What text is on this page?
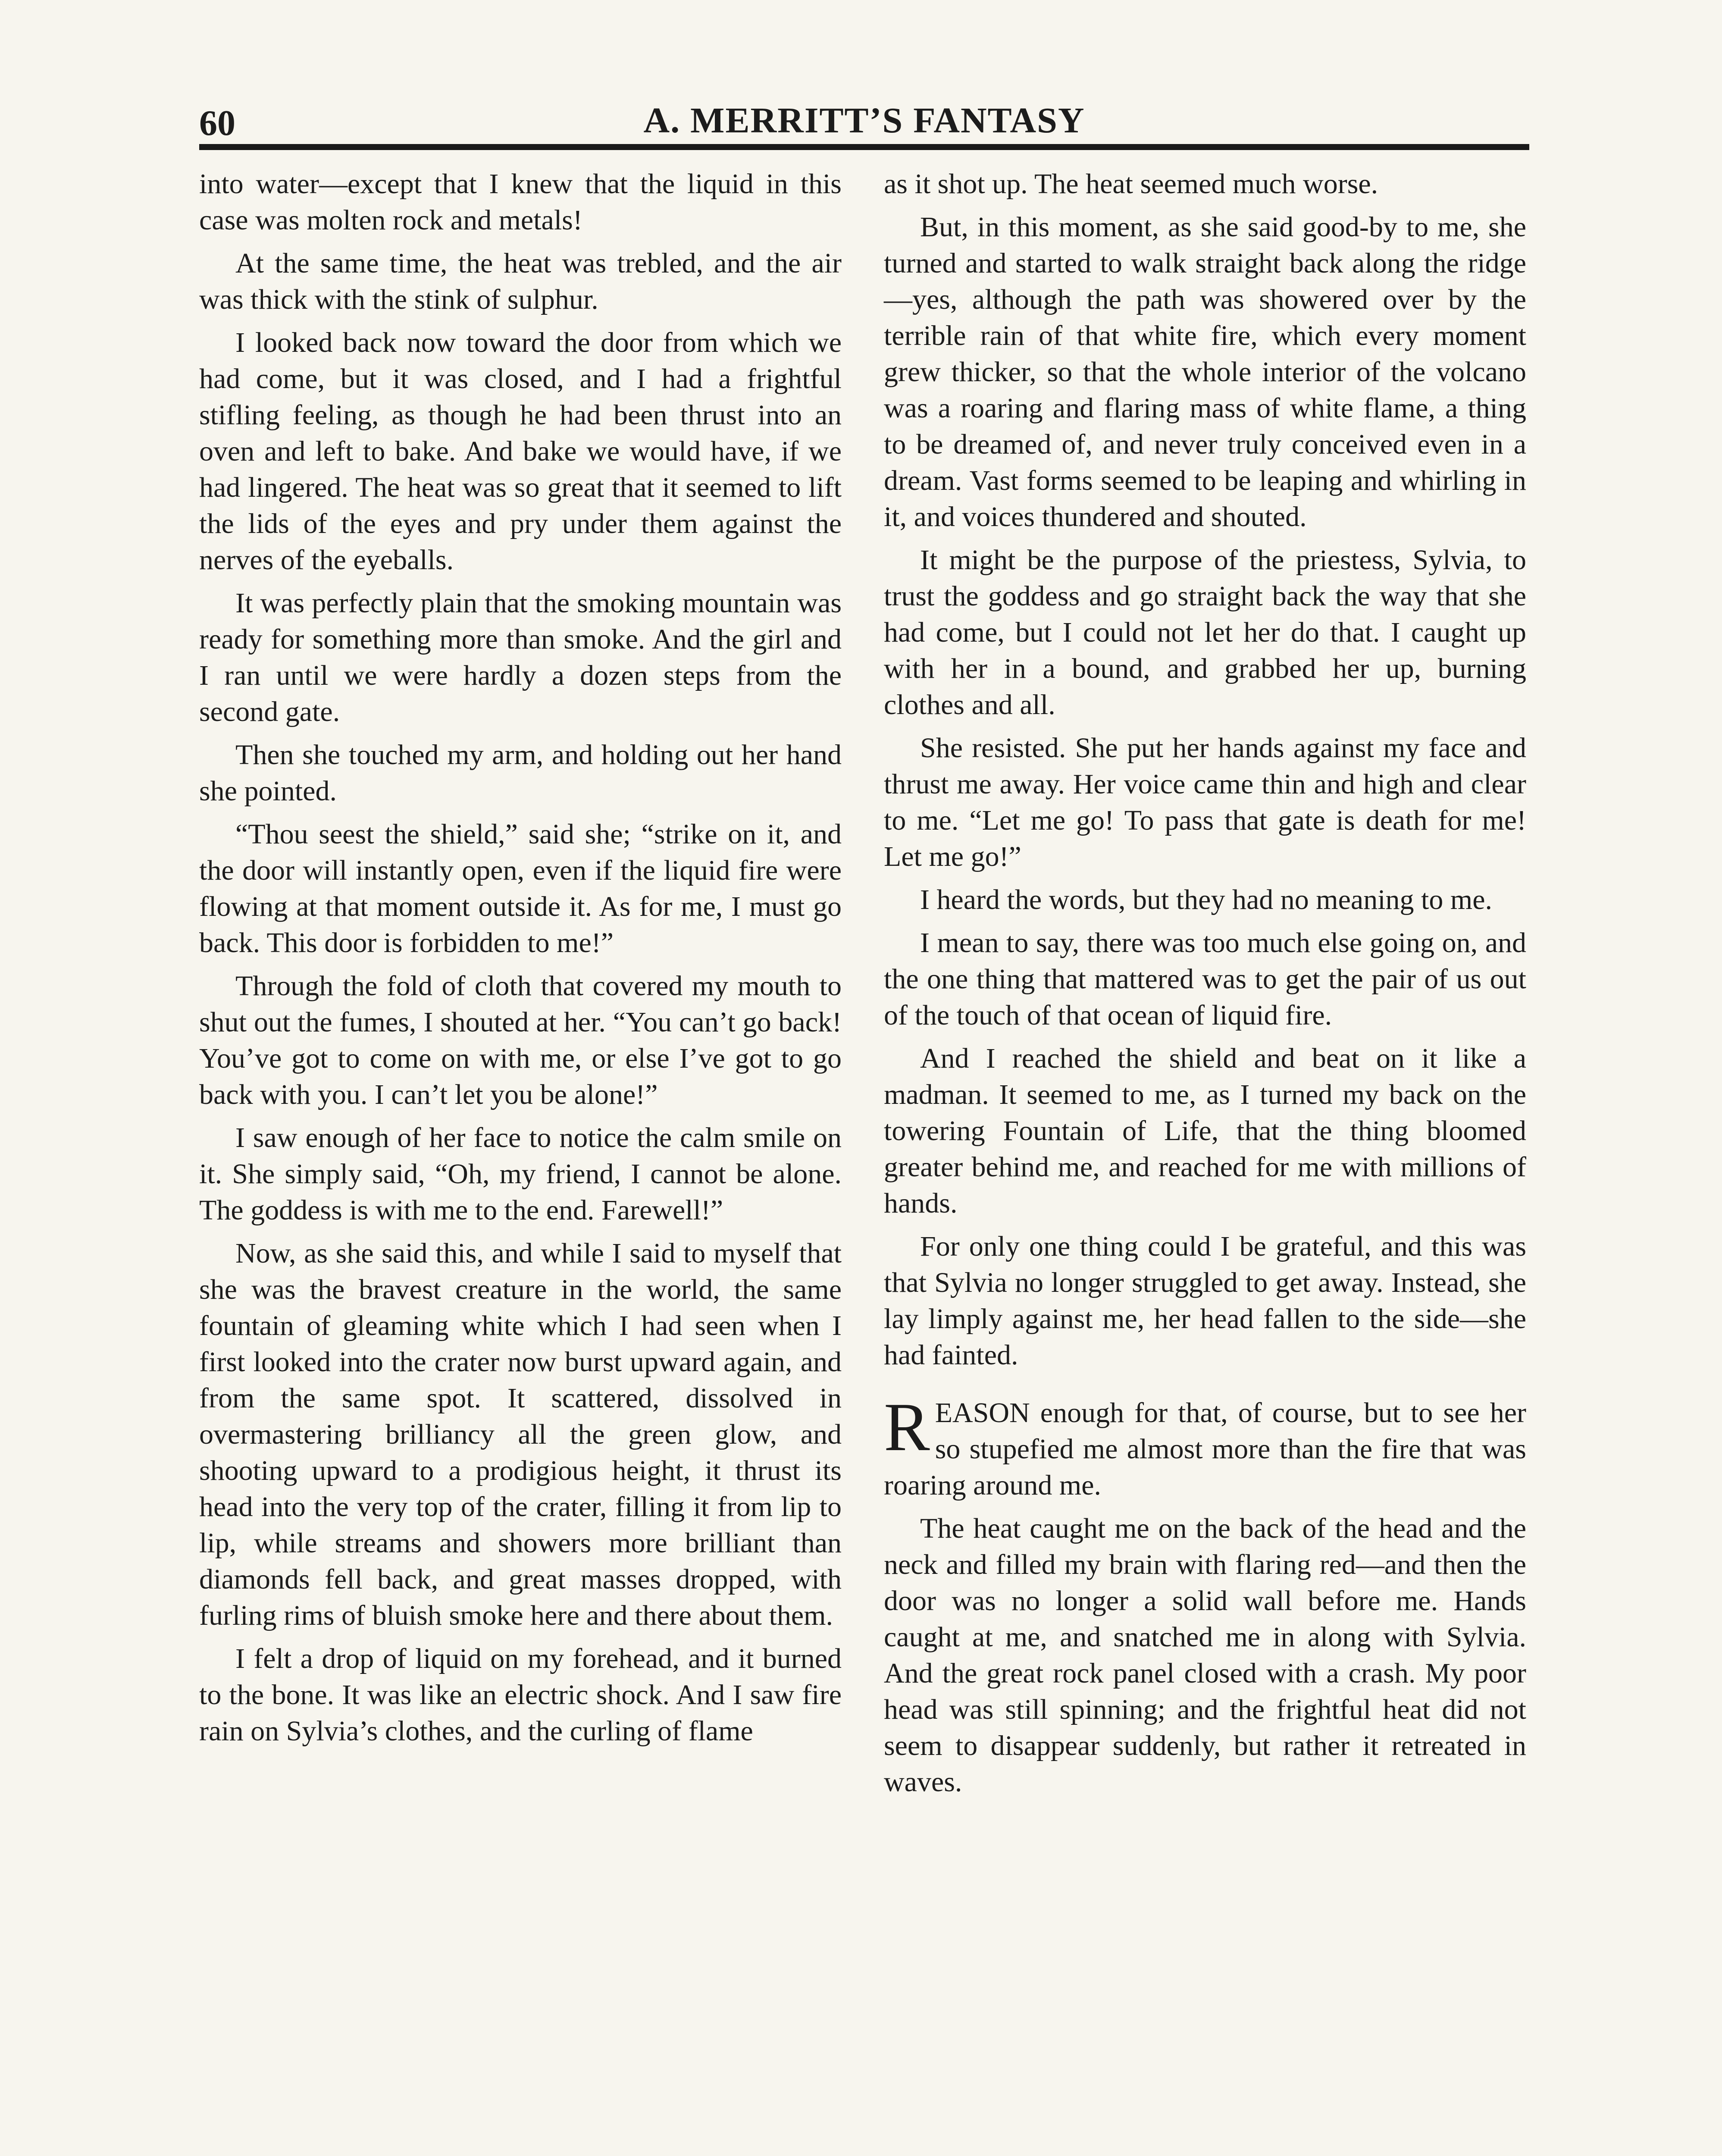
60	A. MERRITT’S FANTASY

into water—except that I knew that the liquid in this case was molten rock and metals!

At the same time, the heat was trebled, and the air was thick with the stink of sulphur.

I looked back now toward the door from which we had come, but it was closed, and I had a frightful stifling feeling, as though he had been thrust into an oven and left to bake. And bake we would have, if we had lingered. The heat was so great that it seemed to lift the lids of the eyes and pry under them against the nerves of the eyeballs.

It was perfectly plain that the smoking mountain was ready for something more than smoke. And the girl and I ran until we were hardly a dozen steps from the second gate.

Then she touched my arm, and holding out her hand she pointed.

“Thou seest the shield,” said she; “strike on it, and the door will instantly open, even if the liquid fire were flowing at that moment outside it. As for me, I must go back. This door is forbidden to me!”

Through the fold of cloth that covered my mouth to shut out the fumes, I shouted at her. “You can’t go back! You’ve got to come on with me, or else I’ve got to go back with you. I can’t let you be alone!”

I saw enough of her face to notice the calm smile on it. She simply said, “Oh, my friend, I cannot be alone. The goddess is with me to the end. Farewell!”

Now, as she said this, and while I said to myself that she was the bravest creature in the world, the same fountain of gleaming white which I had seen when I first looked into the crater now burst upward again, and from the same spot. It scattered, dissolved in overmastering brilliancy all the green glow, and shooting upward to a prodigious height, it thrust its head into the very top of the crater, filling it from lip to lip, while streams and showers more brilliant than diamonds fell back, and great masses dropped, with furling rims of bluish smoke here and there about them.

I felt a drop of liquid on my forehead, and it burned to the bone. It was like an electric shock. And I saw fire rain on Sylvia’s clothes, and the curling of flame

as it shot up. The heat seemed much worse.

But, in this moment, as she said good-by to me, she turned and started to walk straight back along the ridge—yes, although the path was showered over by the terrible rain of that white fire, which every moment grew thicker, so that the whole interior of the volcano was a roaring and flaring mass of white flame, a thing to be dreamed of, and never truly conceived even in a dream. Vast forms seemed to be leaping and whirling in it, and voices thundered and shouted.

It might be the purpose of the priestess, Sylvia, to trust the goddess and go straight back the way that she had come, but I could not let her do that. I caught up with her in a bound, and grabbed her up, burning clothes and all.

She resisted. She put her hands against my face and thrust me away. Her voice came thin and high and clear to me. “Let me go! To pass that gate is death for me! Let me go!”

I heard the words, but they had no meaning to me.

I mean to say, there was too much else going on, and the one thing that mattered was to get the pair of us out of the touch of that ocean of liquid fire.

And I reached the shield and beat on it like a madman. It seemed to me, as I turned my back on the towering Fountain of Life, that the thing bloomed greater behind me, and reached for me with millions of hands.

For only one thing could I be grateful, and this was that Sylvia no longer struggled to get away. Instead, she lay limply against me, her head fallen to the side—she had fainted.

REASON enough for that, of course, but to see her so stupefied me almost more than the fire that was roaring around me.

The heat caught me on the back of the head and the neck and filled my brain with flaring red—and then the door was no longer a solid wall before me. Hands caught at me, and snatched me in along with Sylvia. And the great rock panel closed with a crash. My poor head was still spinning; and the frightful heat did not seem to disappear suddenly, but rather it retreated in waves.
